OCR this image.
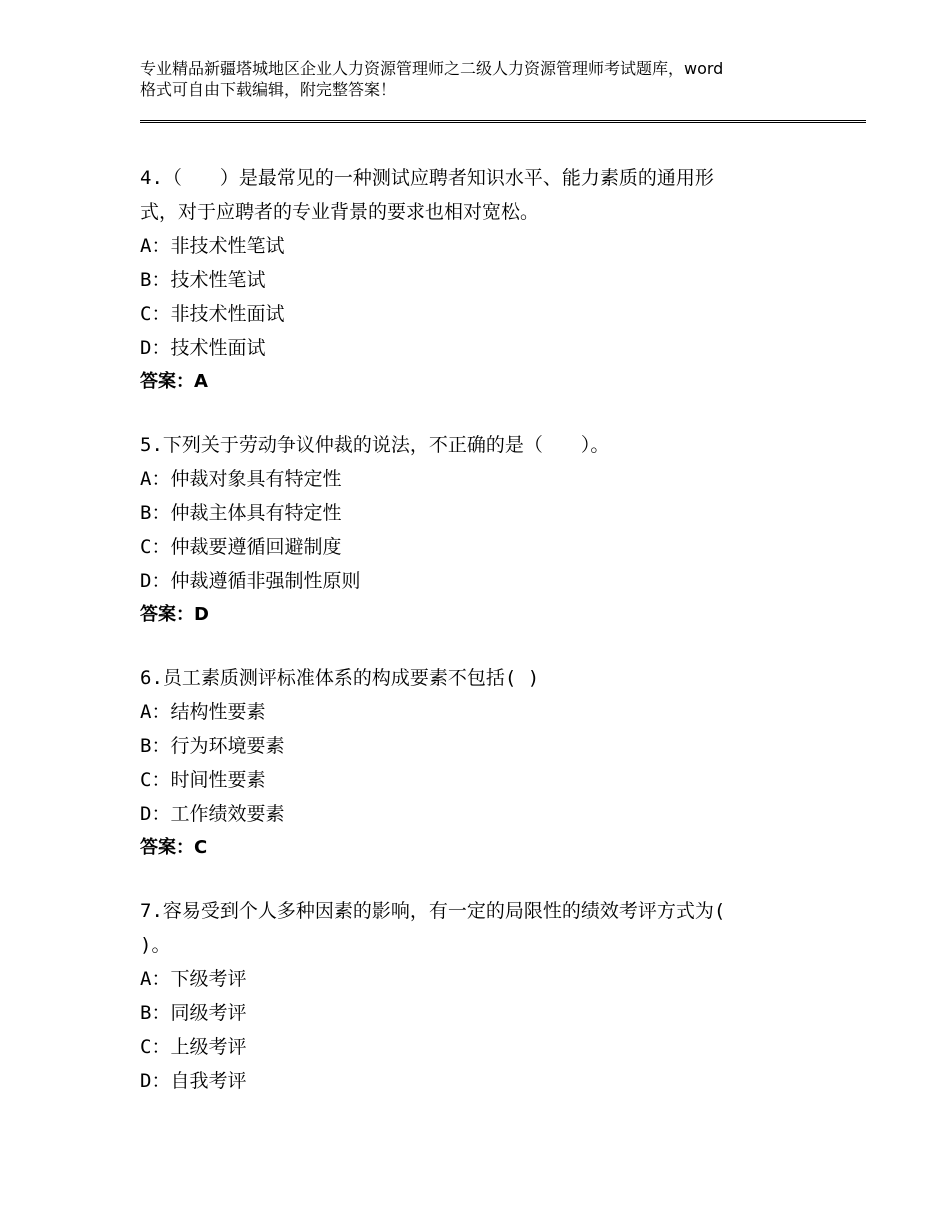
专业精品新疆塔城地区企业人力资源管理师之二级人力资源管理师考试题库，word
格式可自由下载编辑，附完整答案！
4.（　　）是最常见的一种测试应聘者知识水平、能力素质的通用形
式，对于应聘者的专业背景的要求也相对宽松。
A：非技术性笔试
B：技术性笔试
C：非技术性面试
D：技术性面试
答案：A
5.下列关于劳动争议仲裁的说法，不正确的是（　　）。
A：仲裁对象具有特定性
B：仲裁主体具有特定性
C：仲裁要遵循回避制度
D：仲裁遵循非强制性原则
答案：D
6.员工素质测评标准体系的构成要素不包括( )
A：结构性要素
B：行为环境要素
C：时间性要素
D：工作绩效要素
答案：C
7.容易受到个人多种因素的影响，有一定的局限性的绩效考评方式为(
)。
A：下级考评
B：同级考评
C：上级考评
D：自我考评
